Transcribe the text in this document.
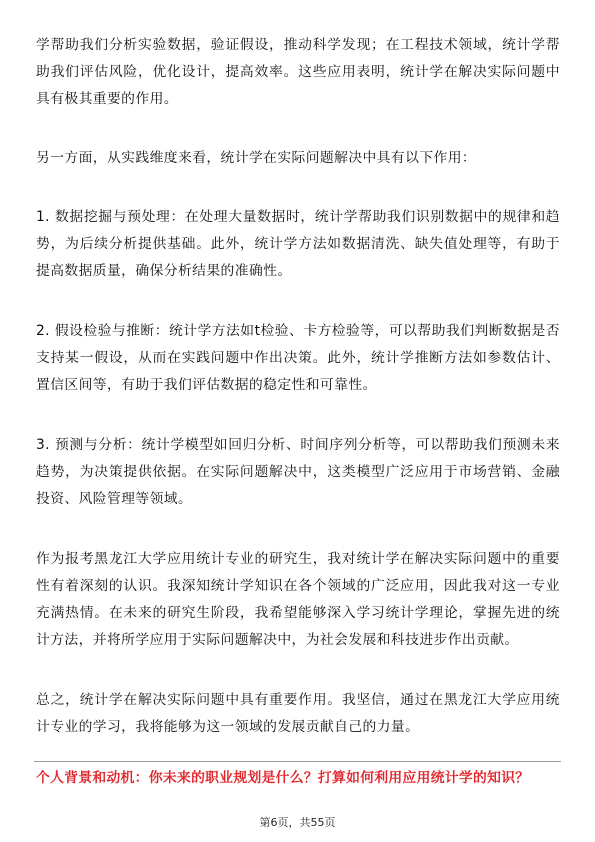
学帮助我们分析实验数据，验证假设，推动科学发现；在工程技术领域，统计学帮助我们评估风险，优化设计，提高效率。这些应用表明，统计学在解决实际问题中具有极其重要的作用。

另一方面，从实践维度来看，统计学在实际问题解决中具有以下作用：

1. 数据挖掘与预处理：在处理大量数据时，统计学帮助我们识别数据中的规律和趋势，为后续分析提供基础。此外，统计学方法如数据清洗、缺失值处理等，有助于提高数据质量，确保分析结果的准确性。

2. 假设检验与推断：统计学方法如t检验、卡方检验等，可以帮助我们判断数据是否支持某一假设，从而在实践问题中作出决策。此外，统计学推断方法如参数估计、置信区间等，有助于我们评估数据的稳定性和可靠性。

3. 预测与分析：统计学模型如回归分析、时间序列分析等，可以帮助我们预测未来趋势，为决策提供依据。在实际问题解决中，这类模型广泛应用于市场营销、金融投资、风险管理等领域。

作为报考黑龙江大学应用统计专业的研究生，我对统计学在解决实际问题中的重要性有着深刻的认识。我深知统计学知识在各个领域的广泛应用，因此我对这一专业充满热情。在未来的研究生阶段，我希望能够深入学习统计学理论，掌握先进的统计方法，并将所学应用于实际问题解决中，为社会发展和科技进步作出贡献。

总之，统计学在解决实际问题中具有重要作用。我坚信，通过在黑龙江大学应用统计专业的学习，我将能够为这一领域的发展贡献自己的力量。

个人背景和动机：你未来的职业规划是什么？打算如何利用应用统计学的知识？

第6页，共55页
